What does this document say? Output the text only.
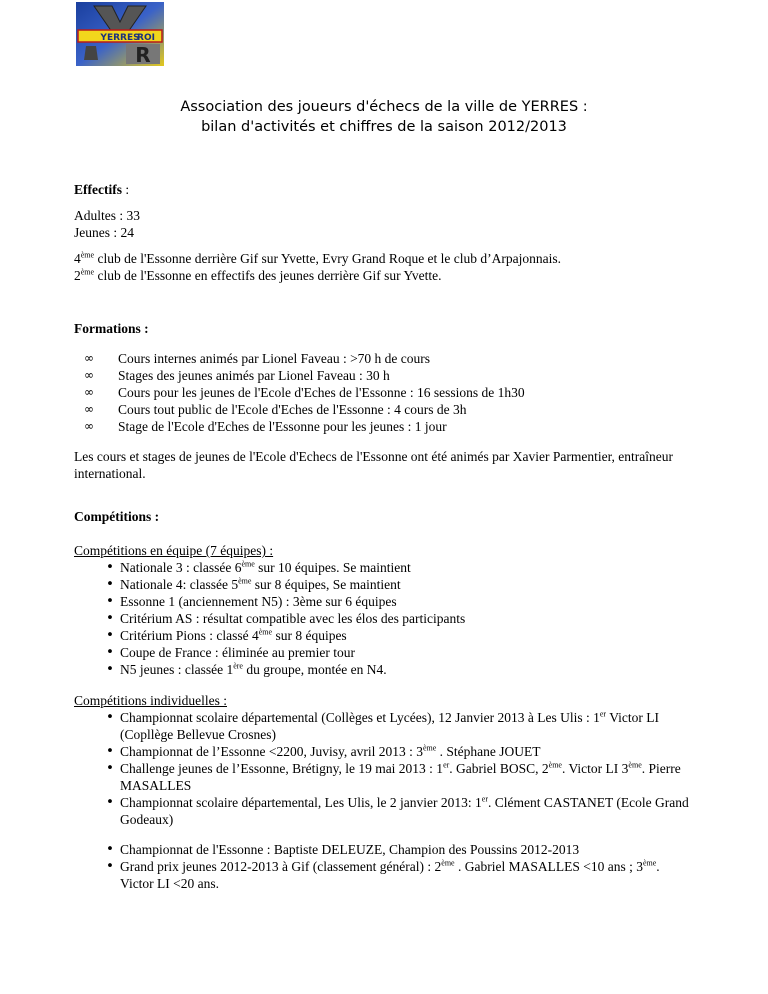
YERRES
ROI
R
Association des joueurs d'échecs de la ville de YERRES :
bilan d'activités et chiffres de la saison 2012/2013
Effectifs :
Adultes : 33
Jeunes : 24
4ème club de l'Essonne derrière Gif sur Yvette, Evry Grand Roque et le club d’Arpajonnais.
2ème club de l'Essonne en effectifs des jeunes derrière Gif sur Yvette.
Formations :
∞ Cours internes animés par Lionel Faveau : >70 h de cours
∞ Stages des jeunes animés par Lionel Faveau : 30 h
∞ Cours pour les jeunes de l'Ecole d'Eches de l'Essonne : 16 sessions de 1h30
∞ Cours tout public de l'Ecole d'Eches de l'Essonne : 4 cours de 3h
∞ Stage de l'Ecole d'Eches de l'Essonne pour les jeunes : 1 jour
Les cours et stages de jeunes de l'Ecole d'Echecs de l'Essonne ont été animés par Xavier Parmentier, entraîneur international.
Compétitions :
Compétitions en équipe (7 équipes) :
• Nationale 3 : classée 6ème sur 10 équipes. Se maintient
• Nationale 4: classée 5ème sur 8 équipes, Se maintient
• Essonne 1 (anciennement N5) : 3ème sur 6 équipes
• Critérium AS : résultat compatible avec les élos des participants
• Critérium Pions : classé 4ème sur 8 équipes
• Coupe de France : éliminée au premier tour
• N5 jeunes : classée 1ère du groupe, montée en N4.
Compétitions individuelles :
• Championnat scolaire départemental (Collèges et Lycées), 12 Janvier 2013 à Les Ulis : 1er Victor LI (Copllège Bellevue Crosnes)
• Championnat de l’Essonne <2200, Juvisy, avril 2013 : 3ème . Stéphane JOUET
• Challenge jeunes de l’Essonne, Brétigny, le 19 mai 2013 : 1er. Gabriel BOSC, 2ème. Victor LI 3ème. Pierre MASALLES
• Championnat scolaire départemental, Les Ulis, le 2 janvier 2013: 1er. Clément CASTANET (Ecole Grand Godeaux)
• Championnat de l'Essonne : Baptiste DELEUZE, Champion des Poussins 2012-2013
• Grand prix jeunes 2012-2013 à Gif (classement général) : 2ème . Gabriel MASALLES <10 ans ; 3ème. Victor LI <20 ans.
